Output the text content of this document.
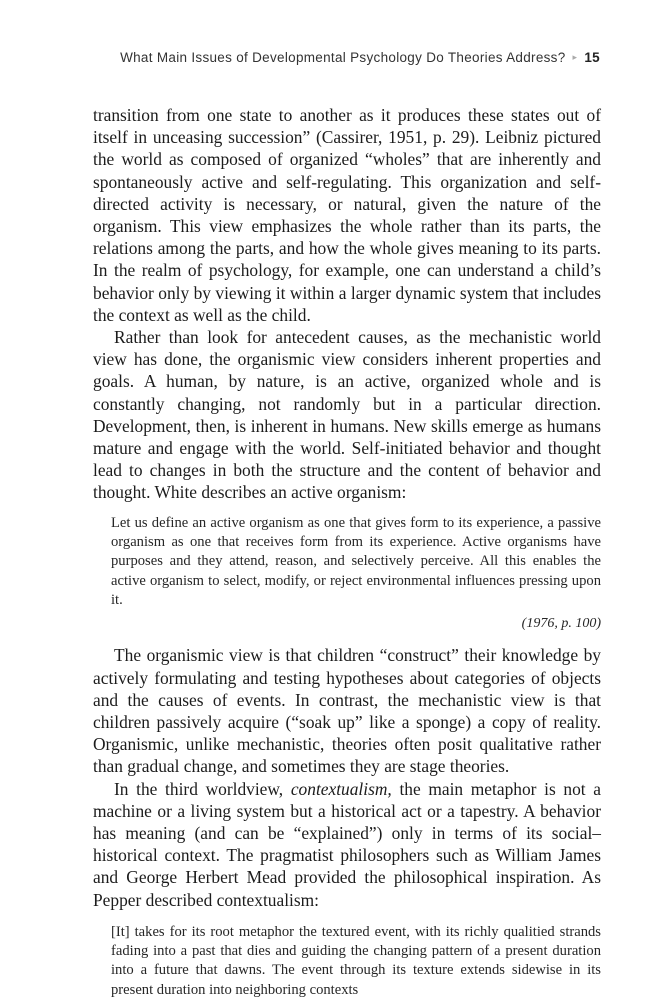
What Main Issues of Developmental Psychology Do Theories Address? ▸ 15

transition from one state to another as it produces these states out of itself in unceasing succession” (Cassirer, 1951, p. 29). Leibniz pictured the world as composed of organized “wholes” that are inherently and spontaneously active and self-regulating. This organization and self-directed activity is necessary, or natural, given the nature of the organism. This view emphasizes the whole rather than its parts, the relations among the parts, and how the whole gives meaning to its parts. In the realm of psychology, for example, one can understand a child’s behavior only by viewing it within a larger dynamic system that includes the context as well as the child.

Rather than look for antecedent causes, as the mechanistic world view has done, the organismic view considers inherent properties and goals. A human, by nature, is an active, organized whole and is constantly changing, not randomly but in a particular direction. Development, then, is inherent in humans. New skills emerge as humans mature and engage with the world. Self-initiated behavior and thought lead to changes in both the structure and the content of behavior and thought. White describes an active organism:

Let us define an active organism as one that gives form to its experience, a passive organism as one that receives form from its experience. Active organisms have purposes and they attend, reason, and selectively perceive. All this enables the active organism to select, modify, or reject environmental influences pressing upon it.

(1976, p. 100)

The organismic view is that children “construct” their knowledge by actively formulating and testing hypotheses about categories of objects and the causes of events. In contrast, the mechanistic view is that children passively acquire (“soak up” like a sponge) a copy of reality. Organismic, unlike mechanistic, theories often posit qualitative rather than gradual change, and sometimes they are stage theories.

In the third worldview, contextualism, the main metaphor is not a machine or a living system but a historical act or a tapestry. A behavior has meaning (and can be “explained”) only in terms of its social–historical context. The pragmatist philosophers such as William James and George Herbert Mead provided the philosophical inspiration. As Pepper described contextualism:

[It] takes for its root metaphor the textured event, with its richly qualitied strands fading into a past that dies and guiding the changing pattern of a present duration into a future that dawns. The event through its texture extends sidewise in its present duration into neighboring contexts
